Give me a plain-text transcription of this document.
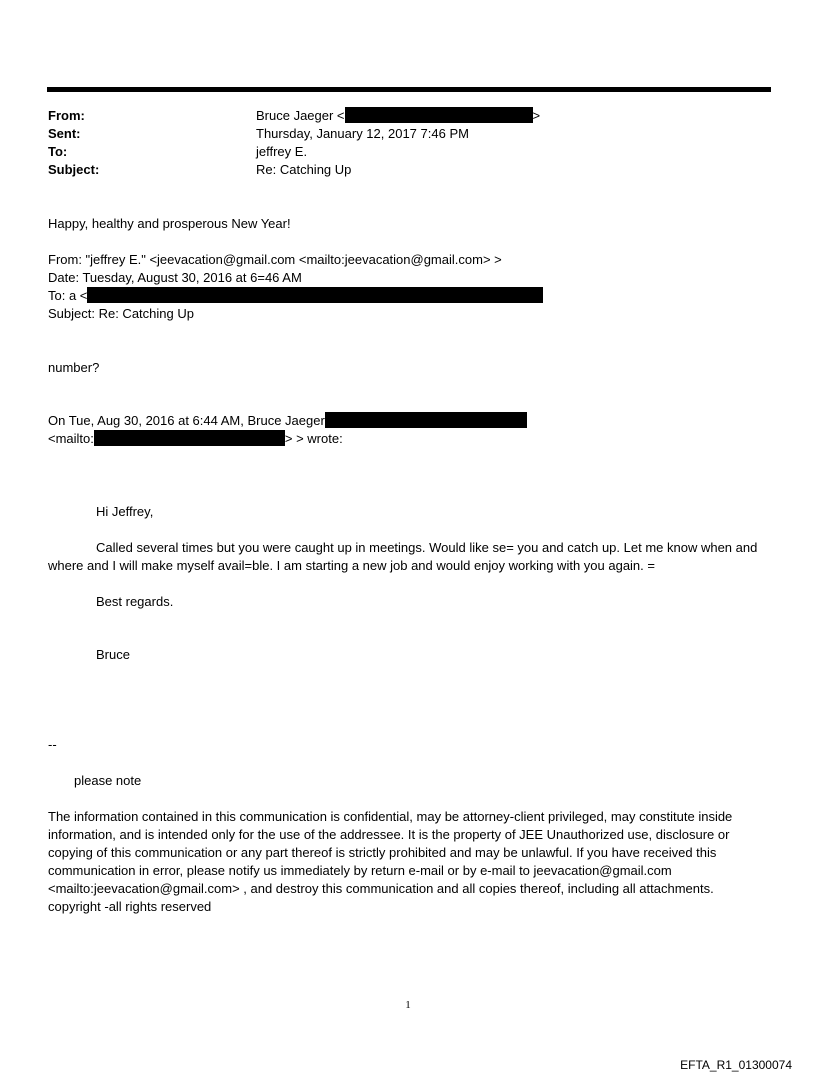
From:	Bruce Jaeger <	>
Sent:	Thursday, January 12, 2017 7:46 PM
To:	jeffrey E.
Subject:	Re: Catching Up
Happy, healthy and prosperous New Year!
From: "jeffrey E." <jeevacation@gmail.com <mailto:jeevacation@gmail.com> >
Date: Tuesday, August 30, 2016 at 6=46 AM
To: a <
Subject: Re: Catching Up
number?
On Tue, Aug 30, 2016 at 6:44 AM, Bruce Jaeger
<mailto:	> > wrote:
Hi Jeffrey,
Called several times but you were caught up in meetings. Would like se= you and catch up. Let me know when and where and I will make myself avail=ble. I am starting a new job and would enjoy working with you again. =
Best regards.
Bruce
--
please note
The information contained in this communication is confidential, may be attorney-client privileged, may constitute inside information, and is intended only for the use of the addressee. It is the property of JEE Unauthorized use, disclosure or copying of this communication or any part thereof is strictly prohibited and may be unlawful. If you have received this communication in error, please notify us immediately by return e-mail or by e-mail to jeevacation@gmail.com <mailto:jeevacation@gmail.com> , and destroy this communication and all copies thereof, including all attachments. copyright -all rights reserved
1
EFTA_R1_01300074
